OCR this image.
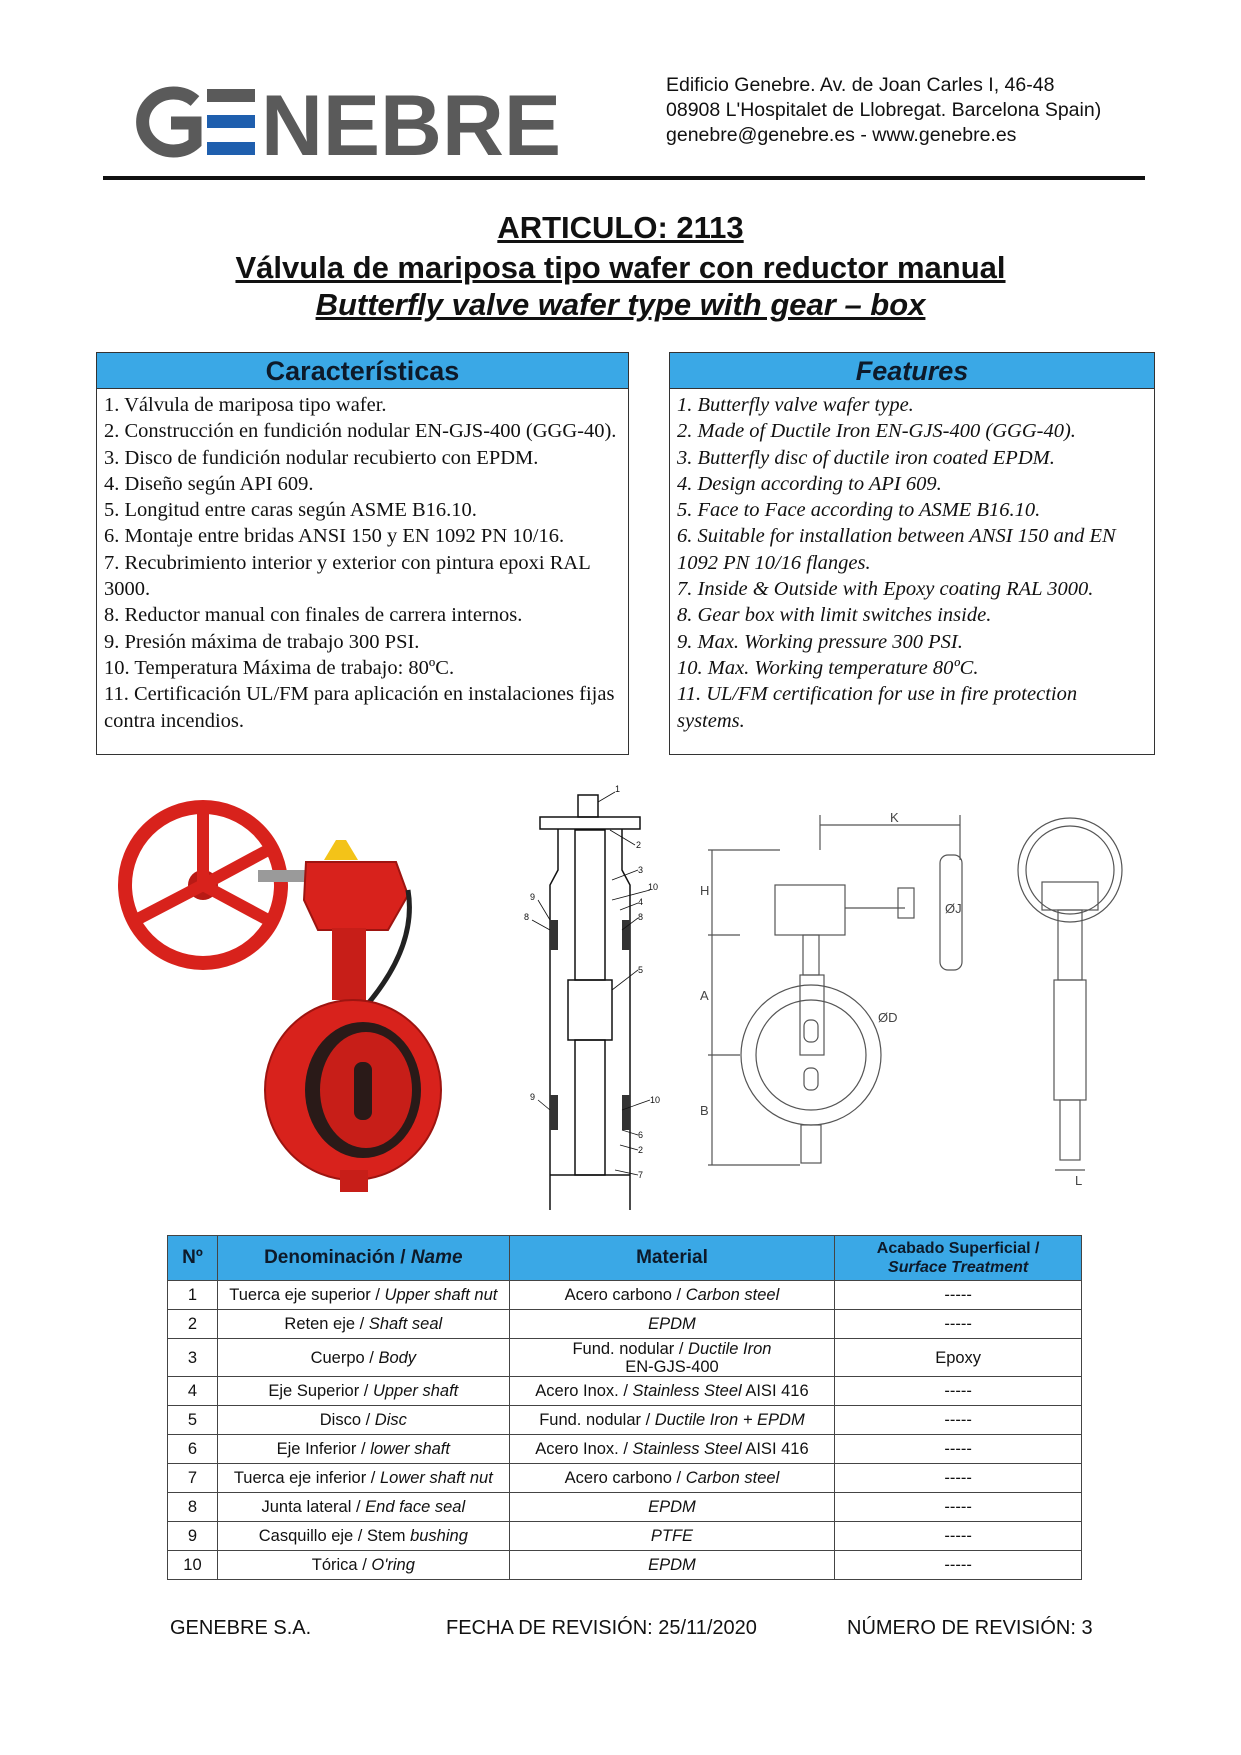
NEBRE	Edificio Genebre. Av. de Joan Carles I, 46-48
08908 L'Hospitalet de Llobregat. Barcelona Spain)
genebre@genebre.es - www.genebre.es
ARTICULO: 2113
Válvula de mariposa tipo wafer con reductor manual
Butterfly valve wafer type with gear – box
Características
1. Válvula de mariposa tipo wafer.
2. Construcción en fundición nodular EN-GJS-400 (GGG-40).
3. Disco de fundición nodular recubierto con EPDM.
4. Diseño según API 609.
5. Longitud entre caras según ASME B16.10.
6. Montaje entre bridas ANSI 150 y EN 1092 PN 10/16.
7. Recubrimiento interior y exterior con pintura epoxi RAL 3000.
8. Reductor manual con finales de carrera internos.
9. Presión máxima de trabajo 300 PSI.
10. Temperatura Máxima de trabajo: 80ºC.
11. Certificación UL/FM para aplicación en instalaciones fijas contra incendios.
Features
1. Butterfly valve wafer type.
2. Made of Ductile Iron EN-GJS-400 (GGG-40).
3. Butterfly disc of ductile iron coated EPDM.
4. Design according to API 609.
5. Face to Face according to ASME B16.10.
6. Suitable for installation between ANSI 150 and EN 1092 PN 10/16 flanges.
7. Inside & Outside with Epoxy coating RAL 3000.
8. Gear box with limit switches inside.
9. Max. Working pressure 300 PSI.
10. Max. Working temperature 80ºC.
11. UL/FM certification for use in fire protection systems.
1
2
3
10
4
8
9
8
5
9	10
6
2
7
K
H
A
B
ØJ
ØD
L
Nº	Denominación / Name	Material	Acabado Superficial /
Surface Treatment

1	Tuerca eje superior / Upper shaft nut	Acero carbono / Carbon steel	-----
2	Reten eje / Shaft seal	EPDM	-----
3	Cuerpo / Body	Fund. nodular / Ductile Iron
EN-GJS-400	Epoxy
4	Eje Superior / Upper shaft	Acero Inox. / Stainless Steel AISI 416	-----
5	Disco / Disc	Fund. nodular / Ductile Iron + EPDM	-----
6	Eje Inferior / lower shaft	Acero Inox. / Stainless Steel AISI 416	-----
7	Tuerca eje inferior / Lower shaft nut	Acero carbono / Carbon steel	-----
8	Junta lateral / End face seal	EPDM	-----
9	Casquillo eje / Stem bushing	PTFE	-----
10	Tórica / O'ring	EPDM	-----
GENEBRE S.A.	FECHA DE REVISIÓN: 25/11/2020	NÚMERO DE REVISIÓN: 3
